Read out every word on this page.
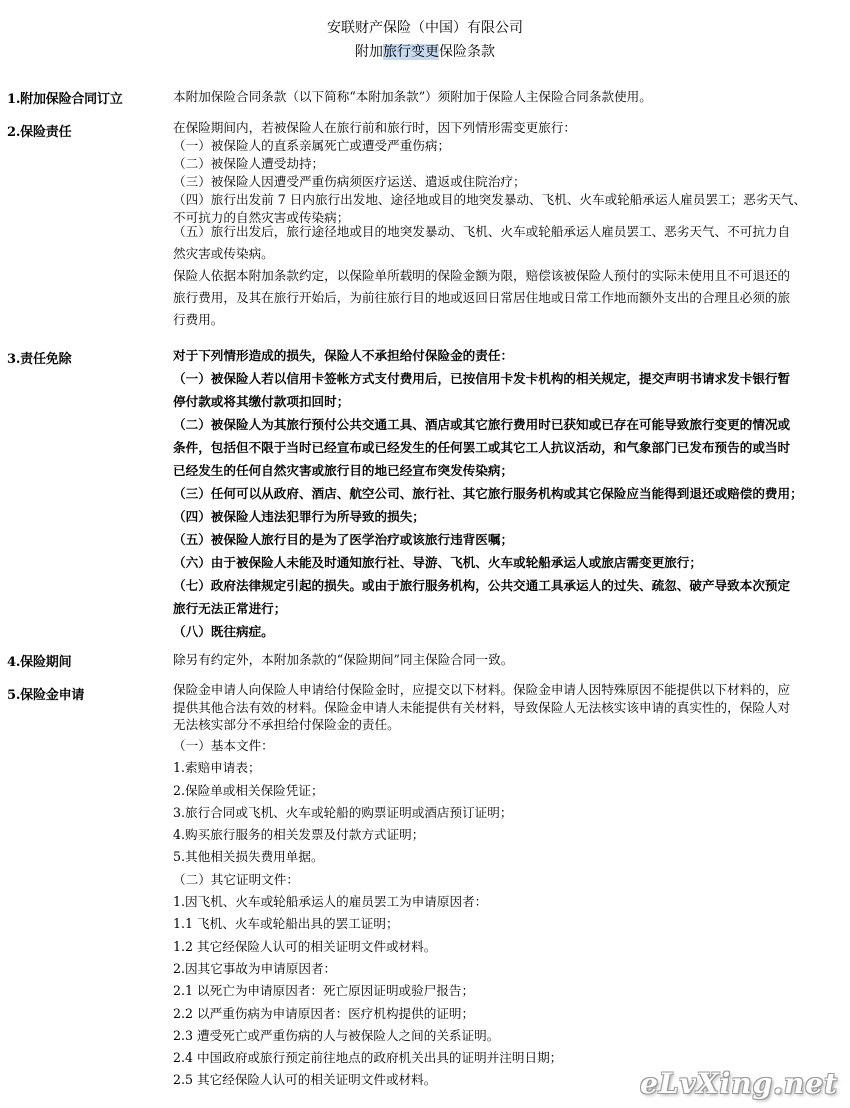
安联财产保险（中国）有限公司
附加旅行变更保险条款
1.附加保险合同订立	本附加保险合同条款（以下简称“本附加条款”）须附加于保险人主保险合同条款使用。
2.保险责任	在保险期间内，若被保险人在旅行前和旅行时，因下列情形需变更旅行：
（一）被保险人的直系亲属死亡或遭受严重伤病；
（二）被保险人遭受劫持；
（三）被保险人因遭受严重伤病须医疗运送、遣返或住院治疗；
（四）旅行出发前 7 日内旅行出发地、途径地或目的地突发暴动、飞机、火车或轮船承运人雇员罢工；恶劣天气、
不可抗力的自然灾害或传染病；
（五）旅行出发后，旅行途径地或目的地突发暴动、飞机、火车或轮船承运人雇员罢工、恶劣天气、不可抗力自
然灾害或传染病。
保险人依据本附加条款约定，以保险单所载明的保险金额为限，赔偿该被保险人预付的实际未使用且不可退还的
旅行费用，及其在旅行开始后，为前往旅行目的地或返回日常居住地或日常工作地而额外支出的合理且必须的旅
行费用。
3.责任免除	对于下列情形造成的损失，保险人不承担给付保险金的责任：
（一）被保险人若以信用卡签帐方式支付费用后，已按信用卡发卡机构的相关规定，提交声明书请求发卡银行暂
停付款或将其缴付款项扣回时；
（二）被保险人为其旅行预付公共交通工具、酒店或其它旅行费用时已获知或已存在可能导致旅行变更的情况或
条件，包括但不限于当时已经宣布或已经发生的任何罢工或其它工人抗议活动，和气象部门已发布预告的或当时
已经发生的任何自然灾害或旅行目的地已经宣布突发传染病；
（三）任何可以从政府、酒店、航空公司、旅行社、其它旅行服务机构或其它保险应当能得到退还或赔偿的费用；
（四）被保险人违法犯罪行为所导致的损失；
（五）被保险人旅行目的是为了医学治疗或该旅行违背医嘱；
（六）由于被保险人未能及时通知旅行社、导游、飞机、火车或轮船承运人或旅店需变更旅行；
（七）政府法律规定引起的损失。或由于旅行服务机构，公共交通工具承运人的过失、疏忽、破产导致本次预定
旅行无法正常进行；
（八）既往病症。
4.保险期间	除另有约定外，本附加条款的“保险期间”同主保险合同一致。
5.保险金申请	保险金申请人向保险人申请给付保险金时，应提交以下材料。保险金申请人因特殊原因不能提供以下材料的，应
提供其他合法有效的材料。保险金申请人未能提供有关材料，导致保险人无法核实该申请的真实性的，保险人对
无法核实部分不承担给付保险金的责任。
（一）基本文件：
1.索赔申请表；
2.保险单或相关保险凭证；
3.旅行合同或飞机、火车或轮船的购票证明或酒店预订证明；
4.购买旅行服务的相关发票及付款方式证明；
5.其他相关损失费用单据。
（二）其它证明文件：
1.因飞机、火车或轮船承运人的雇员罢工为申请原因者：
1.1 飞机、火车或轮船出具的罢工证明；
1.2 其它经保险人认可的相关证明文件或材料。
2.因其它事故为申请原因者：
2.1 以死亡为申请原因者：死亡原因证明或验尸报告；
2.2 以严重伤病为申请原因者：医疗机构提供的证明；
2.3 遭受死亡或严重伤病的人与被保险人之间的关系证明。
2.4 中国政府或旅行预定前往地点的政府机关出具的证明并注明日期；
2.5 其它经保险人认可的相关证明文件或材料。	eLvXing.net
